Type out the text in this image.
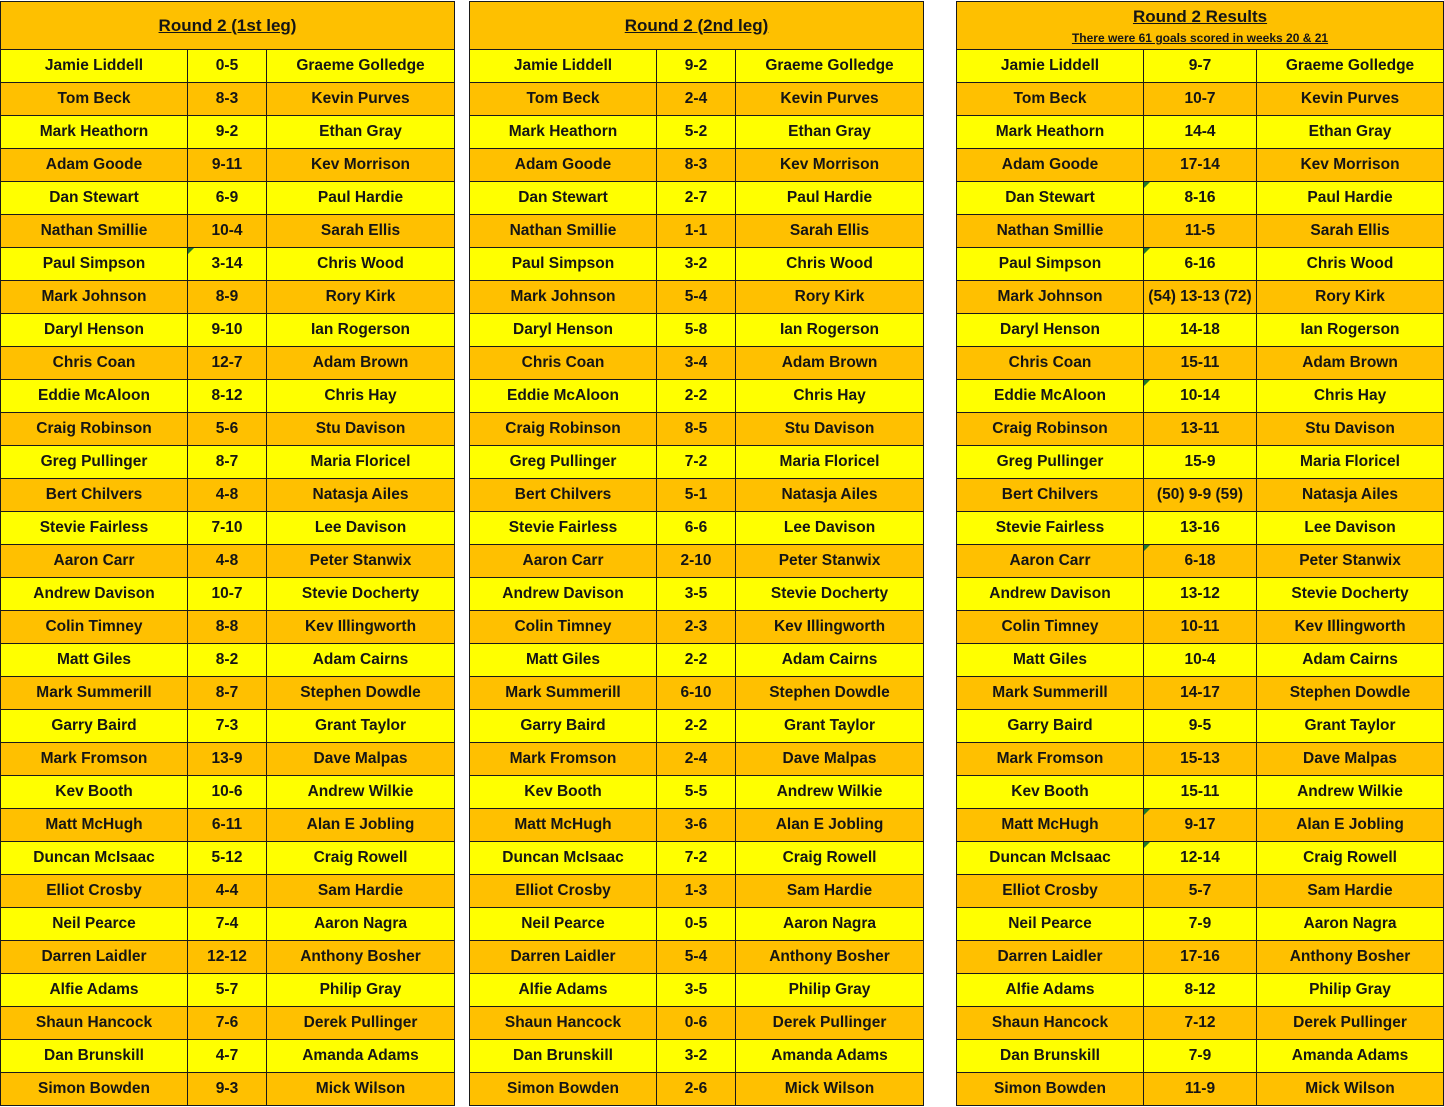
Round 2 (1st leg)		
Jamie Liddell	0-5	Graeme Golledge
Tom Beck	8-3	Kevin Purves
Mark Heathorn	9-2	Ethan Gray
Adam Goode	9-11	Kev Morrison
Dan Stewart	6-9	Paul Hardie
Nathan Smillie	10-4	Sarah Ellis
Paul Simpson	3-14	Chris Wood
Mark Johnson	8-9	Rory Kirk
Daryl Henson	9-10	Ian Rogerson
Chris Coan	12-7	Adam Brown
Eddie McAloon	8-12	Chris Hay
Craig Robinson	5-6	Stu Davison
Greg Pullinger	8-7	Maria Floricel
Bert Chilvers	4-8	Natasja Ailes
Stevie Fairless	7-10	Lee Davison
Aaron Carr	4-8	Peter Stanwix
Andrew Davison	10-7	Stevie Docherty
Colin Timney	8-8	Kev Illingworth
Matt Giles	8-2	Adam Cairns
Mark Summerill	8-7	Stephen Dowdle
Garry Baird	7-3	Grant Taylor
Mark Fromson	13-9	Dave Malpas
Kev Booth	10-6	Andrew Wilkie
Matt McHugh	6-11	Alan E Jobling
Duncan McIsaac	5-12	Craig Rowell
Elliot Crosby	4-4	Sam Hardie
Neil Pearce	7-4	Aaron Nagra
Darren Laidler	12-12	Anthony Bosher
Alfie Adams	5-7	Philip Gray
Shaun Hancock	7-6	Derek Pullinger
Dan Brunskill	4-7	Amanda Adams
Simon Bowden	9-3	Mick Wilson
Round 2 (2nd leg)		
Jamie Liddell	9-2	Graeme Golledge
Tom Beck	2-4	Kevin Purves
Mark Heathorn	5-2	Ethan Gray
Adam Goode	8-3	Kev Morrison
Dan Stewart	2-7	Paul Hardie
Nathan Smillie	1-1	Sarah Ellis
Paul Simpson	3-2	Chris Wood
Mark Johnson	5-4	Rory Kirk
Daryl Henson	5-8	Ian Rogerson
Chris Coan	3-4	Adam Brown
Eddie McAloon	2-2	Chris Hay
Craig Robinson	8-5	Stu Davison
Greg Pullinger	7-2	Maria Floricel
Bert Chilvers	5-1	Natasja Ailes
Stevie Fairless	6-6	Lee Davison
Aaron Carr	2-10	Peter Stanwix
Andrew Davison	3-5	Stevie Docherty
Colin Timney	2-3	Kev Illingworth
Matt Giles	2-2	Adam Cairns
Mark Summerill	6-10	Stephen Dowdle
Garry Baird	2-2	Grant Taylor
Mark Fromson	2-4	Dave Malpas
Kev Booth	5-5	Andrew Wilkie
Matt McHugh	3-6	Alan E Jobling
Duncan McIsaac	7-2	Craig Rowell
Elliot Crosby	1-3	Sam Hardie
Neil Pearce	0-5	Aaron Nagra
Darren Laidler	5-4	Anthony Bosher
Alfie Adams	3-5	Philip Gray
Shaun Hancock	0-6	Derek Pullinger
Dan Brunskill	3-2	Amanda Adams
Simon Bowden	2-6	Mick Wilson
Round 2 Results
There were 61 goals scored in weeks 20 & 21		

Jamie Liddell	9-7	Graeme Golledge
Tom Beck	10-7	Kevin Purves
Mark Heathorn	14-4	Ethan Gray
Adam Goode	17-14	Kev Morrison
Dan Stewart	8-16	Paul Hardie
Nathan Smillie	11-5	Sarah Ellis
Paul Simpson	6-16	Chris Wood
Mark Johnson	(54) 13-13 (72)	Rory Kirk
Daryl Henson	14-18	Ian Rogerson
Chris Coan	15-11	Adam Brown
Eddie McAloon	10-14	Chris Hay
Craig Robinson	13-11	Stu Davison
Greg Pullinger	15-9	Maria Floricel
Bert Chilvers	(50) 9-9 (59)	Natasja Ailes
Stevie Fairless	13-16	Lee Davison
Aaron Carr	6-18	Peter Stanwix
Andrew Davison	13-12	Stevie Docherty
Colin Timney	10-11	Kev Illingworth
Matt Giles	10-4	Adam Cairns
Mark Summerill	14-17	Stephen Dowdle
Garry Baird	9-5	Grant Taylor
Mark Fromson	15-13	Dave Malpas
Kev Booth	15-11	Andrew Wilkie
Matt McHugh	9-17	Alan E Jobling
Duncan McIsaac	12-14	Craig Rowell
Elliot Crosby	5-7	Sam Hardie
Neil Pearce	7-9	Aaron Nagra
Darren Laidler	17-16	Anthony Bosher
Alfie Adams	8-12	Philip Gray
Shaun Hancock	7-12	Derek Pullinger
Dan Brunskill	7-9	Amanda Adams
Simon Bowden	11-9	Mick Wilson
